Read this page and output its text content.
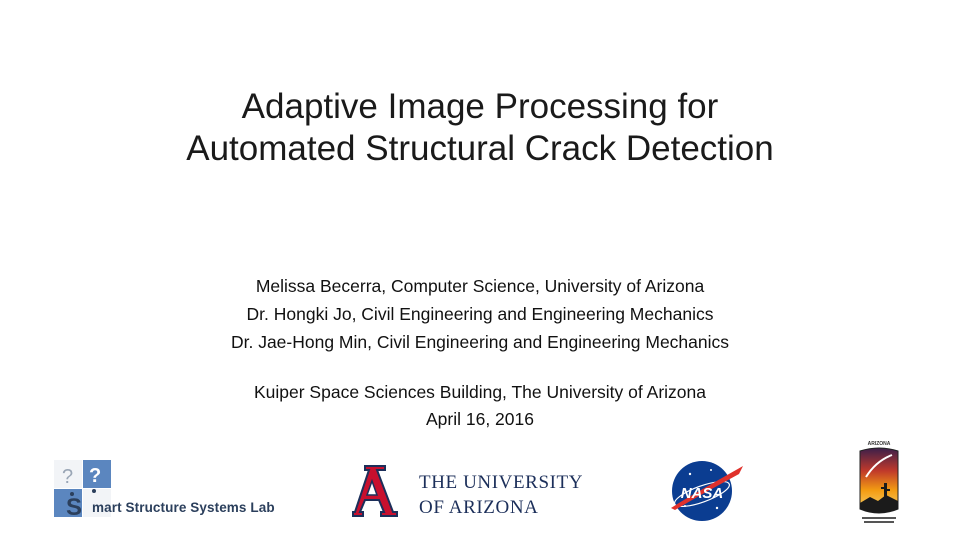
Adaptive Image Processing for
Automated Structural Crack Detection
Melissa Becerra, Computer Science, University of Arizona
Dr. Hongki Jo, Civil Engineering and Engineering Mechanics
Dr. Jae-Hong Min, Civil Engineering and Engineering Mechanics
Kuiper Space Sciences Building, The University of Arizona
April 16, 2016
? ?
S mart Structure Systems Lab
THE UNIVERSITY
OF ARIZONA
NASA
ARIZONA
